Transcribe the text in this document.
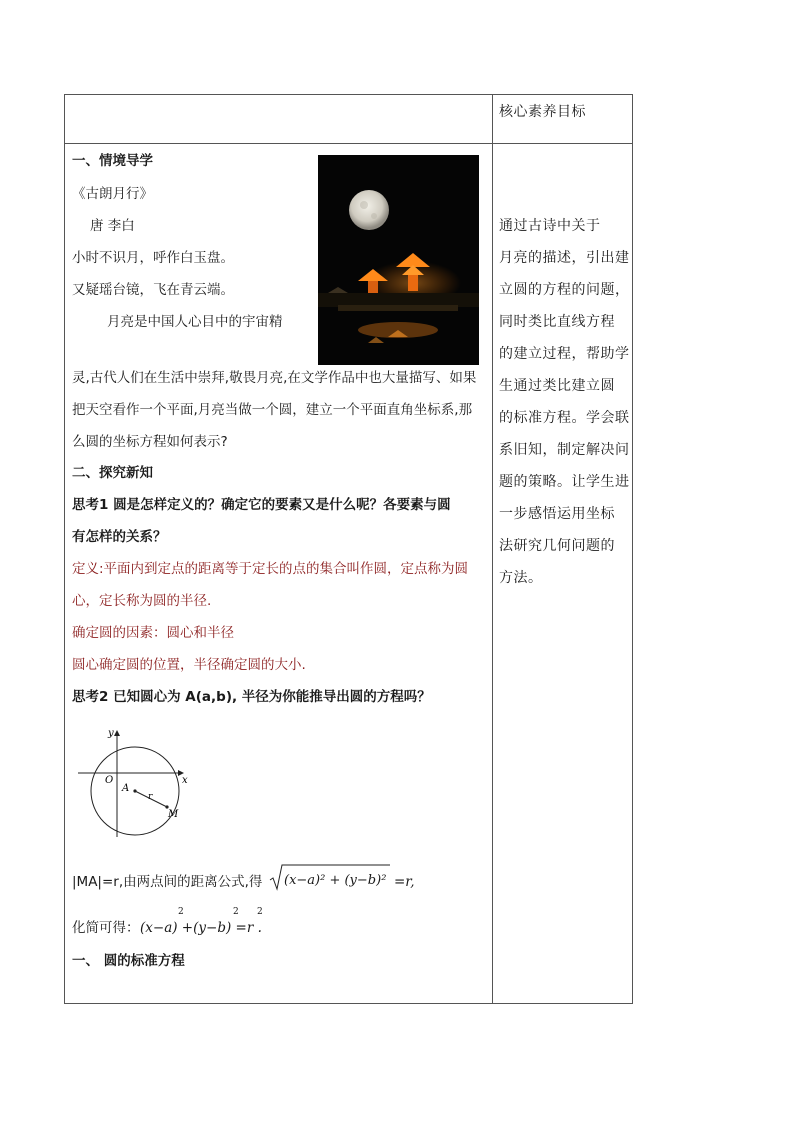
核心素养目标
一、情境导学
《古朗月行》
唐 李白
小时不识月，呼作白玉盘。
又疑瑶台镜，飞在青云端。
月亮是中国人心目中的宇宙精
灵,古代人们在生活中崇拜,敬畏月亮,在文学作品中也大量描写、如果
把天空看作一个平面,月亮当做一个圆，建立一个平面直角坐标系,那
么圆的坐标方程如何表示?
二、探究新知
思考1 圆是怎样定义的？确定它的要素又是什么呢？各要素与圆
有怎样的关系？
定义:平面内到定点的距离等于定长的点的集合叫作圆，定点称为圆
心，定长称为圆的半径.
确定圆的因素：圆心和半径
圆心确定圆的位置，半径确定圆的大小.
思考2 已知圆心为 A(a,b), 半径为你能推导出圆的方程吗？
y
x
O
A
r
M
|MA|=r,由两点间的距离公式,得 (x−a)² + (y−b)² =r,
化简可得： (x−a) +(y−b) =r .
2	2 2
一、 圆的标准方程
通过古诗中关于
月亮的描述，引出建
立圆的方程的问题，
同时类比直线方程
的建立过程，帮助学
生通过类比建立圆
的标准方程。学会联
系旧知，制定解决问
题的策略。让学生进
一步感悟运用坐标
法研究几何问题的
方法。
